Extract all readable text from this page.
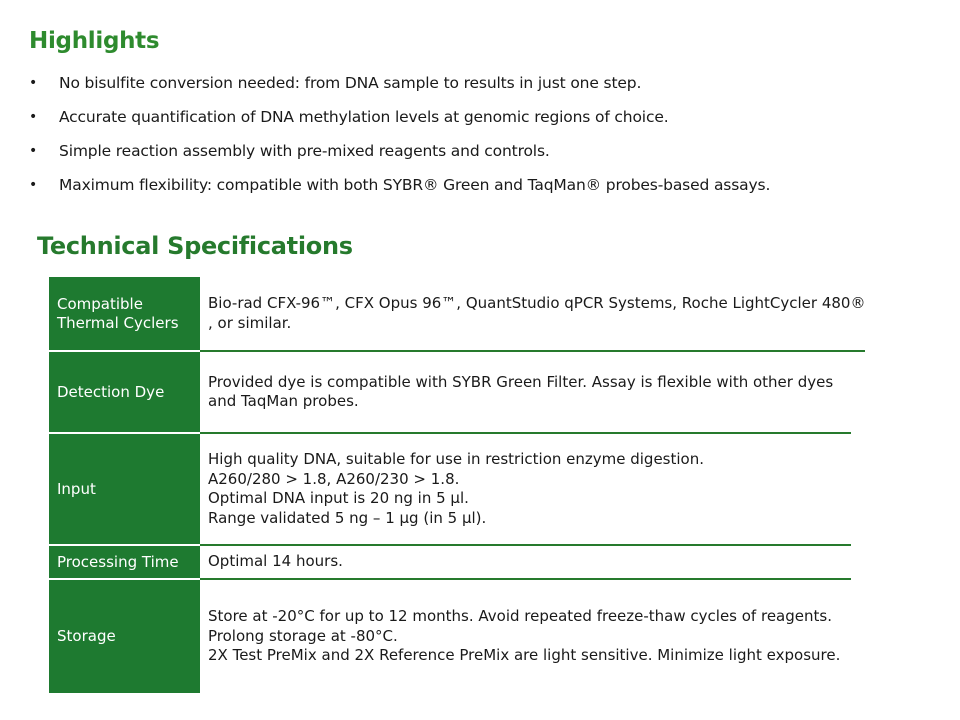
Highlights
• No bisulfite conversion needed: from DNA sample to results in just one step.
• Accurate quantification of DNA methylation levels at genomic regions of choice.
• Simple reaction assembly with pre-mixed reagents and controls.
• Maximum flexibility: compatible with both SYBR® Green and TaqMan® probes-based assays.
Technical Specifications
Compatible
Thermal Cyclers
Bio-rad CFX-96™, CFX Opus 96™, QuantStudio qPCR Systems, Roche LightCycler 480®
, or similar.
Detection Dye
Provided dye is compatible with SYBR Green Filter. Assay is flexible with other dyes
and TaqMan probes.
Input
High quality DNA, suitable for use in restriction enzyme digestion.
A260/280 > 1.8, A260/230 > 1.8.
Optimal DNA input is 20 ng in 5 µl.
Range validated 5 ng – 1 µg (in 5 µl).
Processing Time Optimal 14 hours.
Storage
Store at -20°C for up to 12 months. Avoid repeated freeze-thaw cycles of reagents.
Prolong storage at -80°C.
2X Test PreMix and 2X Reference PreMix are light sensitive. Minimize light exposure.
